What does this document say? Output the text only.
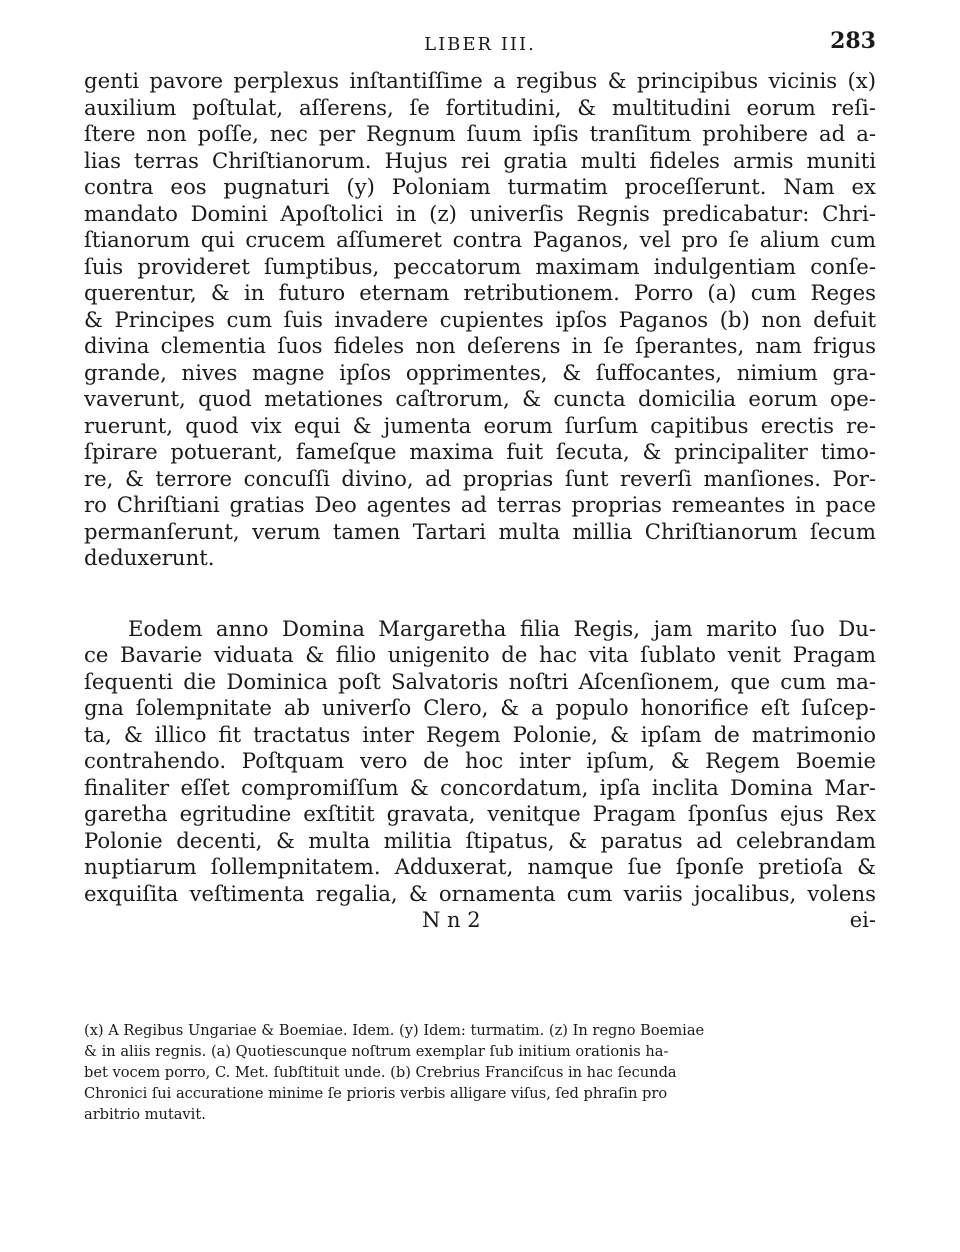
LIBER III.	283
genti pavore perplexus inſtantiſſime a regibus & principibus vicinis (x)
auxilium poſtulat, aſſerens, ſe fortitudini, & multitudini eorum reſi-
ſtere non poſſe, nec per Regnum ſuum ipſis tranſitum prohibere ad a-
lias terras Chriſtianorum. Hujus rei gratia multi fideles armis muniti
contra eos pugnaturi (y) Poloniam turmatim proceſſerunt. Nam ex
mandato Domini Apoſtolici in (z) univerſis Regnis predicabatur: Chri-
ſtianorum qui crucem aſſumeret contra Paganos, vel pro ſe alium cum
ſuis provideret ſumptibus, peccatorum maximam indulgentiam conſe-
querentur, & in futuro eternam retributionem. Porro (a) cum Reges
& Principes cum ſuis invadere cupientes ipſos Paganos (b) non defuit
divina clementia ſuos fideles non deſerens in ſe ſperantes, nam frigus
grande, nives magne ipſos opprimentes, & ſuffocantes, nimium gra-
vaverunt, quod metationes caſtrorum, & cuncta domicilia eorum ope-
ruerunt, quod vix equi & jumenta eorum ſurſum capitibus erectis re-
ſpirare potuerant, fameſque maxima fuit ſecuta, & principaliter timo-
re, & terrore concuſſi divino, ad proprias ſunt reverſi manſiones. Por-
ro Chriſtiani gratias Deo agentes ad terras proprias remeantes in pace
permanſerunt, verum tamen Tartari multa millia Chriſtianorum ſecum
deduxerunt.
Eodem anno Domina Margaretha filia Regis, jam marito ſuo Du-
ce Bavarie viduata & filio unigenito de hac vita ſublato venit Pragam
ſequenti die Dominica poſt Salvatoris noſtri Aſcenſionem, que cum ma-
gna ſolempnitate ab univerſo Clero, & a populo honorifice eſt ſuſcep-
ta, & illico fit tractatus inter Regem Polonie, & ipſam de matrimonio
contrahendo. Poſtquam vero de hoc inter ipſum, & Regem Boemie
finaliter eſſet compromiſſum & concordatum, ipſa inclita Domina Mar-
garetha egritudine exſtitit gravata, venitque Pragam ſponſus ejus Rex
Polonie decenti, & multa militia ſtipatus, & paratus ad celebrandam
nuptiarum ſollempnitatem. Adduxerat, namque ſue ſponſe pretioſa &
exquiſita veſtimenta regalia, & ornamenta cum variis jocalibus, volens
N n 2	ei-
(x) A Regibus Ungariae & Boemiae. Idem. (y) Idem: turmatim. (z) In regno Boemiae
& in aliis regnis. (a) Quotiescunque noſtrum exemplar ſub initium orationis ha-
bet vocem porro, C. Met. ſubſtituit unde. (b) Crebrius Franciſcus in hac ſecunda
Chronici ſui accuratione minime ſe prioris verbis alligare viſus, ſed phraſin pro
arbitrio mutavit.
